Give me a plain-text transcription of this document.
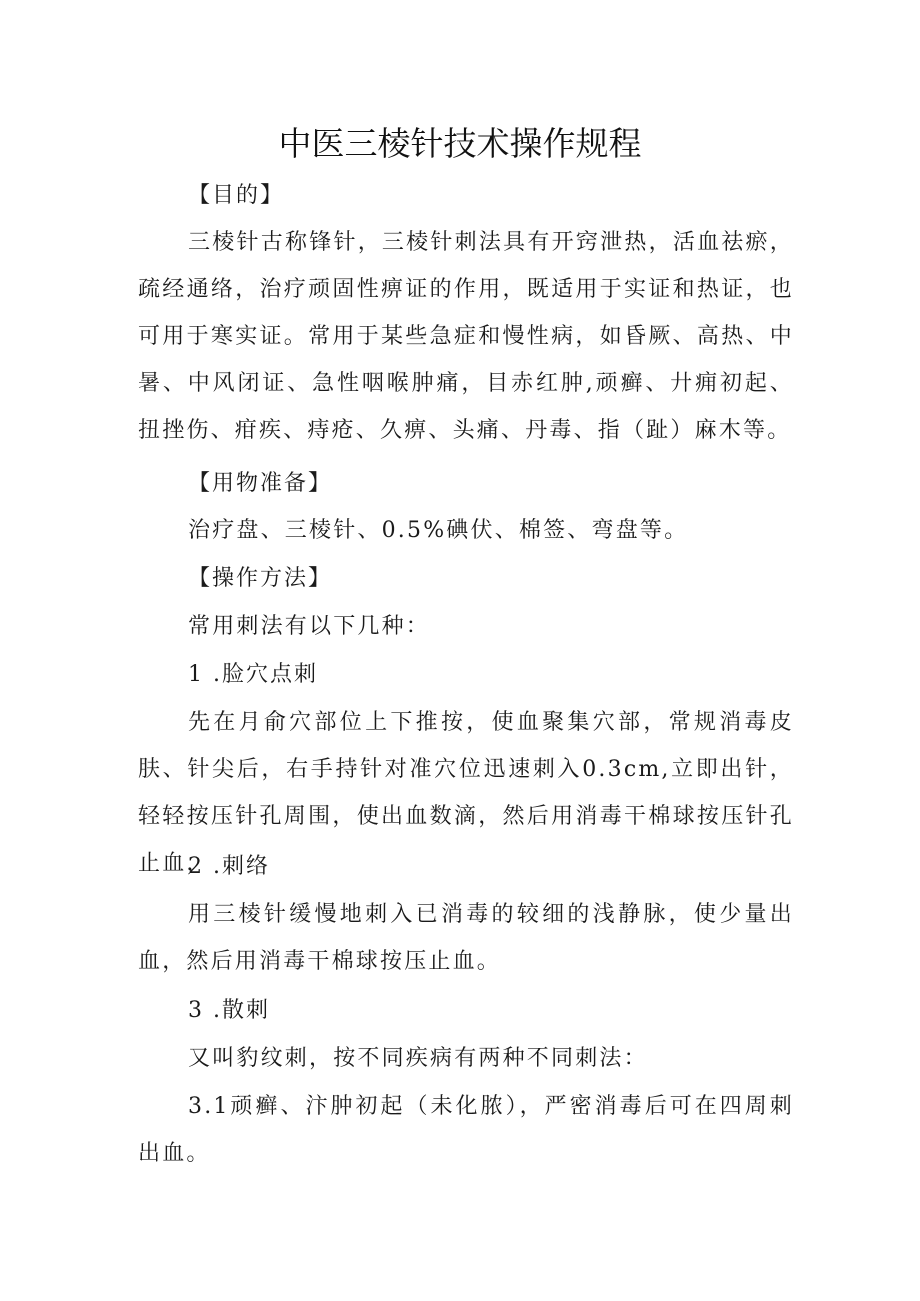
中医三棱针技术操作规程

【目的】

三棱针古称锋针，三棱针刺法具有开窍泄热，活血祛瘀，疏经通络，治疗顽固性痹证的作用，既适用于实证和热证，也可用于寒实证。常用于某些急症和慢性病，如昏厥、高热、中暑、中风闭证、急性咽喉肿痛，目赤红肿,顽癣、廾痈初起、扭挫伤、疳疾、痔疮、久痹、头痛、丹毒、指（趾）麻木等。

【用物准备】

治疗盘、三棱针、0.5%碘伏、棉签、弯盘等。

【操作方法】

常用刺法有以下几种：

1 .脸穴点刺

先在月俞穴部位上下推按，使血聚集穴部，常规消毒皮肤、针尖后，右手持针对准穴位迅速刺入0.3cm,立即出针，轻轻按压针孔周围，使出血数滴，然后用消毒干棉球按压针孔止血，

2 .刺络

用三棱针缓慢地刺入已消毒的较细的浅静脉，使少量出血，然后用消毒干棉球按压止血。

3 .散刺

又叫豹纹刺，按不同疾病有两种不同刺法：

3.1顽癣、汴肿初起（未化脓），严密消毒后可在四周刺出血。
